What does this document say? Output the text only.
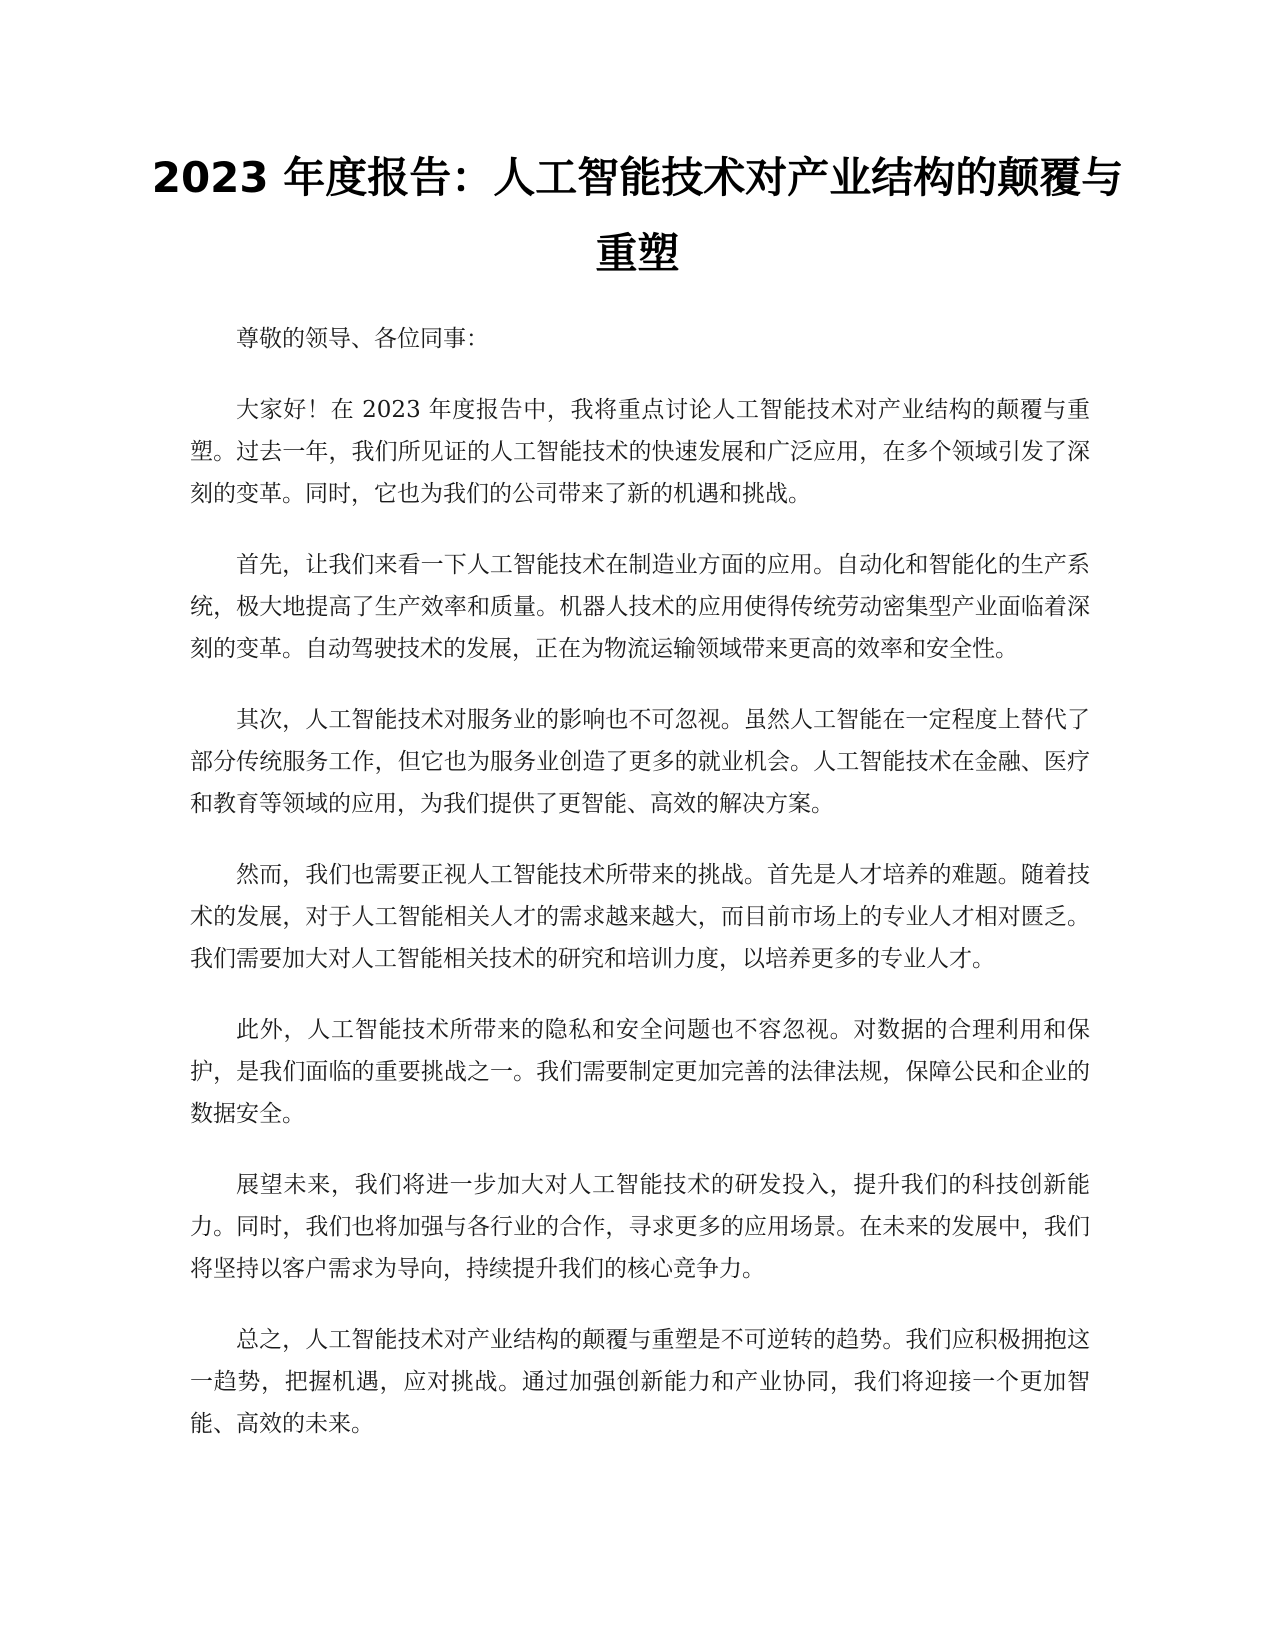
2023 年度报告：人工智能技术对产业结构的颠覆与重塑

尊敬的领导、各位同事：

大家好！在 2023 年度报告中，我将重点讨论人工智能技术对产业结构的颠覆与重塑。过去一年，我们所见证的人工智能技术的快速发展和广泛应用，在多个领域引发了深刻的变革。同时，它也为我们的公司带来了新的机遇和挑战。

首先，让我们来看一下人工智能技术在制造业方面的应用。自动化和智能化的生产系统，极大地提高了生产效率和质量。机器人技术的应用使得传统劳动密集型产业面临着深刻的变革。自动驾驶技术的发展，正在为物流运输领域带来更高的效率和安全性。

其次，人工智能技术对服务业的影响也不可忽视。虽然人工智能在一定程度上替代了部分传统服务工作，但它也为服务业创造了更多的就业机会。人工智能技术在金融、医疗和教育等领域的应用，为我们提供了更智能、高效的解决方案。

然而，我们也需要正视人工智能技术所带来的挑战。首先是人才培养的难题。随着技术的发展，对于人工智能相关人才的需求越来越大，而目前市场上的专业人才相对匮乏。我们需要加大对人工智能相关技术的研究和培训力度，以培养更多的专业人才。

此外，人工智能技术所带来的隐私和安全问题也不容忽视。对数据的合理利用和保护，是我们面临的重要挑战之一。我们需要制定更加完善的法律法规，保障公民和企业的数据安全。

展望未来，我们将进一步加大对人工智能技术的研发投入，提升我们的科技创新能力。同时，我们也将加强与各行业的合作，寻求更多的应用场景。在未来的发展中，我们将坚持以客户需求为导向，持续提升我们的核心竞争力。

总之，人工智能技术对产业结构的颠覆与重塑是不可逆转的趋势。我们应积极拥抱这一趋势，把握机遇，应对挑战。通过加强创新能力和产业协同，我们将迎接一个更加智能、高效的未来。
